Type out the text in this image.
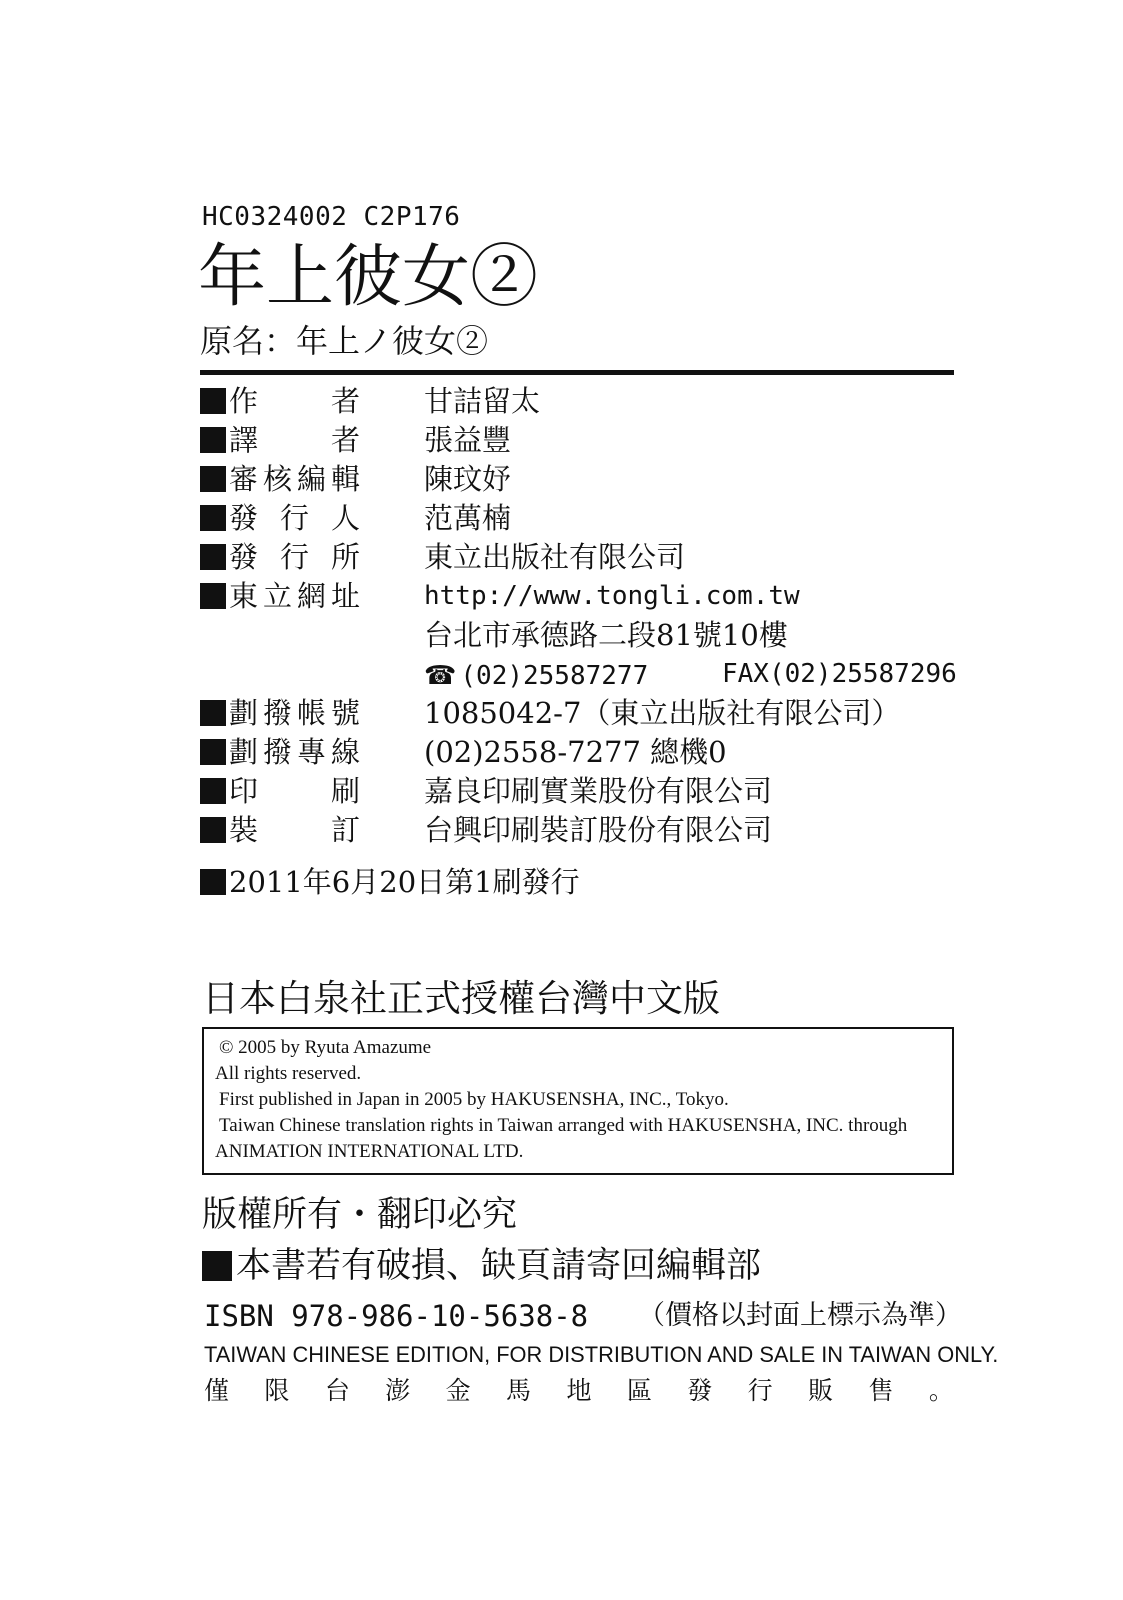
HC0324002 C2P176
年上彼女②
原名：年上ノ彼女②
作	者 甘詰留太
譯	者 張益豐
審 核 編 輯 陳玟妤
發 行 人 范萬楠
發 行 所 東立出版社有限公司
東 立 網 址 http://www.tongli.com.tw
台北市承德路二段81號10樓
☎ (02)25587277	FAX(02)25587296
劃 撥 帳 號 1085042-7（東立出版社有限公司）
劃 撥 專 線 (02)2558-7277 總機0
印	刷 嘉良印刷實業股份有限公司
裝	訂 台興印刷裝訂股份有限公司
2011年6月20日第1刷發行
日本白泉社正式授權台灣中文版
© 2005 by Ryuta Amazume
All rights reserved.
First published in Japan in 2005 by HAKUSENSHA, INC., Tokyo.
Taiwan Chinese translation rights in Taiwan arranged with HAKUSENSHA, INC. through
ANIMATION INTERNATIONAL LTD.
版權所有・翻印必究
本書若有破損、缺頁請寄回編輯部
ISBN 978-986-10-5638-8 （價格以封面上標示為準）
TAIWAN CHINESE EDITION, FOR DISTRIBUTION AND SALE IN TAIWAN ONLY.
僅 限 台 澎 金 馬 地 區 發 行 販 售 。
